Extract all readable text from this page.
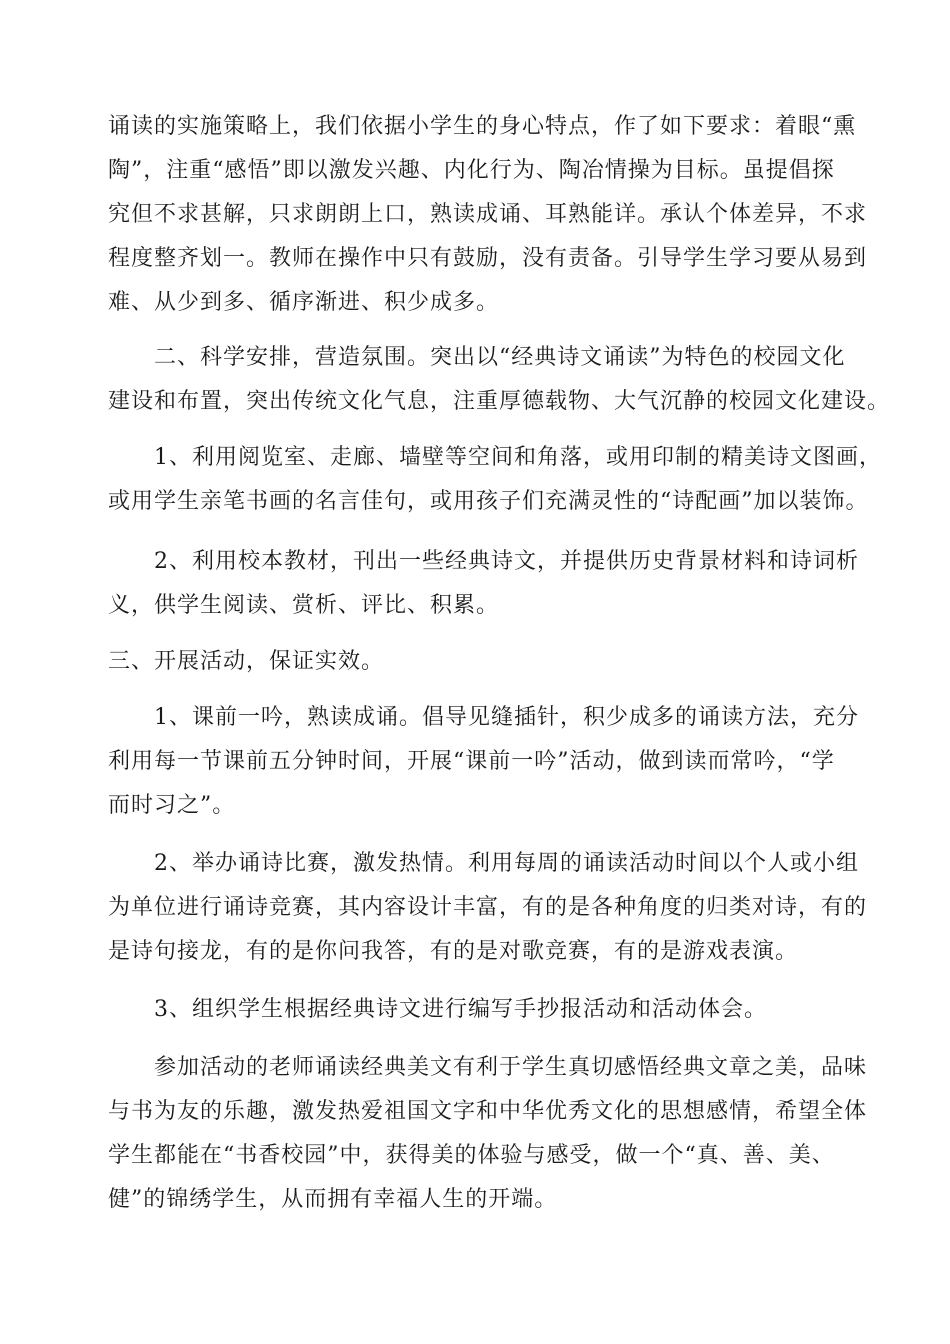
诵读的实施策略上，我们依据小学生的身心特点，作了如下要求：着眼“熏
陶”，注重“感悟”即以激发兴趣、内化行为、陶冶情操为目标。虽提倡探
究但不求甚解，只求朗朗上口，熟读成诵、耳熟能详。承认个体差异，不求
程度整齐划一。教师在操作中只有鼓励，没有责备。引导学生学习要从易到
难、从少到多、循序渐进、积少成多。
二、科学安排，营造氛围。突出以“经典诗文诵读”为特色的校园文化
建设和布置，突出传统文化气息，注重厚德载物、大气沉静的校园文化建设。
1、利用阅览室、走廊、墙壁等空间和角落，或用印制的精美诗文图画，
或用学生亲笔书画的名言佳句，或用孩子们充满灵性的“诗配画”加以装饰。
2、利用校本教材，刊出一些经典诗文，并提供历史背景材料和诗词析
义，供学生阅读、赏析、评比、积累。
三、开展活动，保证实效。
1、课前一吟，熟读成诵。倡导见缝插针，积少成多的诵读方法，充分
利用每一节课前五分钟时间，开展“课前一吟”活动，做到读而常吟，“学
而时习之”。
2、举办诵诗比赛，激发热情。利用每周的诵读活动时间以个人或小组
为单位进行诵诗竞赛，其内容设计丰富，有的是各种角度的归类对诗，有的
是诗句接龙，有的是你问我答，有的是对歌竞赛，有的是游戏表演。
3、组织学生根据经典诗文进行编写手抄报活动和活动体会。
参加活动的老师诵读经典美文有利于学生真切感悟经典文章之美，品味
与书为友的乐趣，激发热爱祖国文字和中华优秀文化的思想感情，希望全体
学生都能在“书香校园”中，获得美的体验与感受，做一个“真、善、美、
健”的锦绣学生，从而拥有幸福人生的开端。
